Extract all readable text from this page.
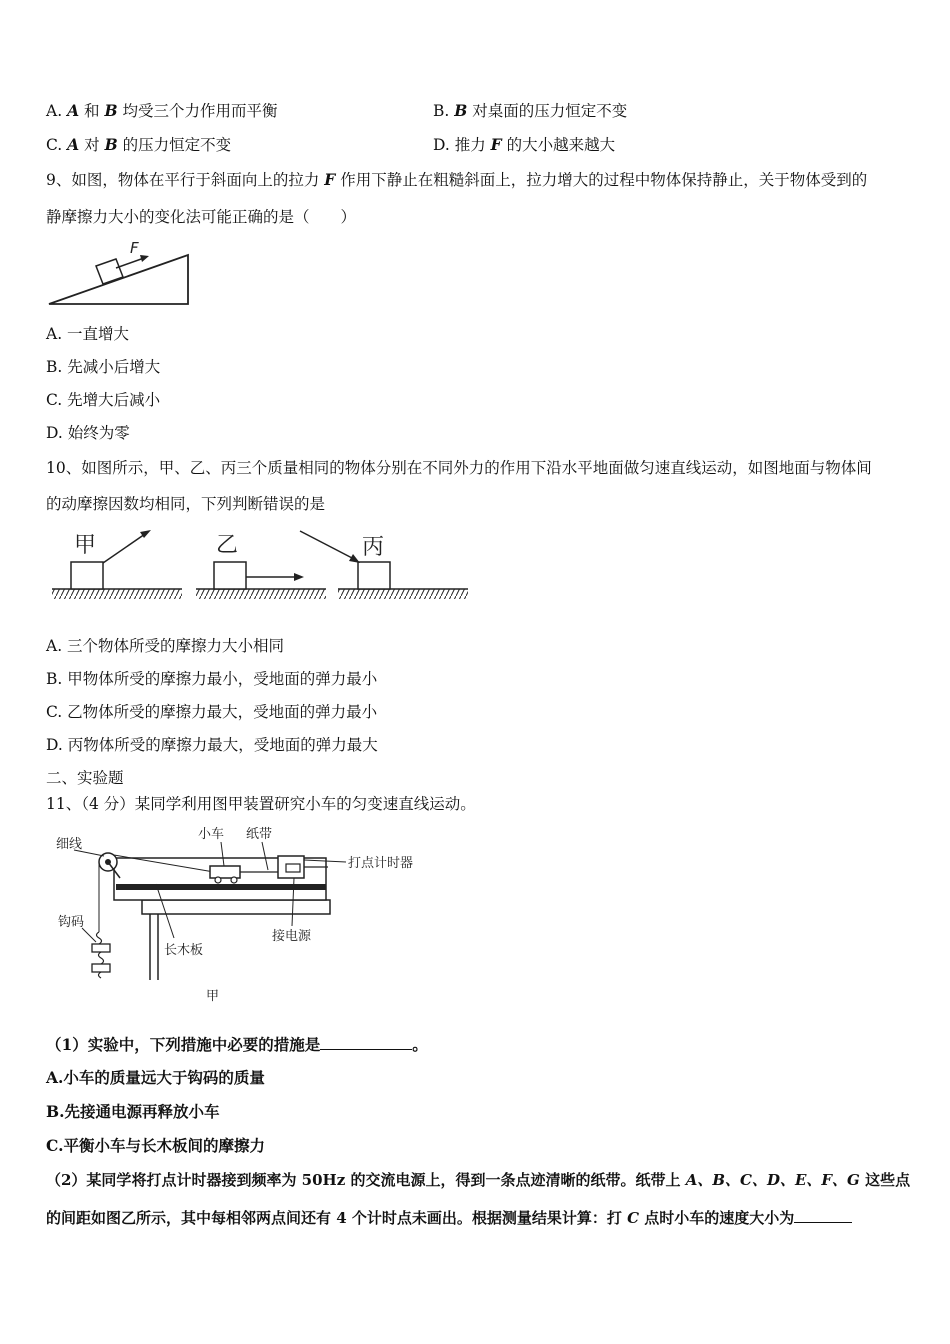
A. A 和 B 均受三个力作用而平衡	B. B 对桌面的压力恒定不变
C. A 对 B 的压力恒定不变	D. 推力 F 的大小越来越大
9、如图，物体在平行于斜面向上的拉力 F 作用下静止在粗糙斜面上，拉力增大的过程中物体保持静止，关于物体受到的
静摩擦力大小的变化法可能正确的是（　　）
F
A. 一直增大
B. 先减小后增大
C. 先增大后减小
D. 始终为零
10、如图所示，甲、乙、丙三个质量相同的物体分别在不同外力的作用下沿水平地面做匀速直线运动，如图地面与物体间
的动摩擦因数均相同，下列判断错误的是
甲	乙	丙
A. 三个物体所受的摩擦力大小相同
B. 甲物体所受的摩擦力最小，受地面的弹力最小
C. 乙物体所受的摩擦力最大，受地面的弹力最小
D. 丙物体所受的摩擦力最大，受地面的弹力最大
二、实验题
11、（4 分）某同学利用图甲装置研究小车的匀变速直线运动。
细线
小车 纸带
打点计时器
钩码
长木板
接电源
甲
（1）实验中，下列措施中必要的措施是	。
A.小车的质量远大于钩码的质量
B.先接通电源再释放小车
C.平衡小车与长木板间的摩擦力
（2）某同学将打点计时器接到频率为 50Hz 的交流电源上，得到一条点迹清晰的纸带。纸带上 A、B、C、D、E、F、G 这些点
的间距如图乙所示，其中每相邻两点间还有 4 个计时点未画出。根据测量结果计算：打 C 点时小车的速度大小为
